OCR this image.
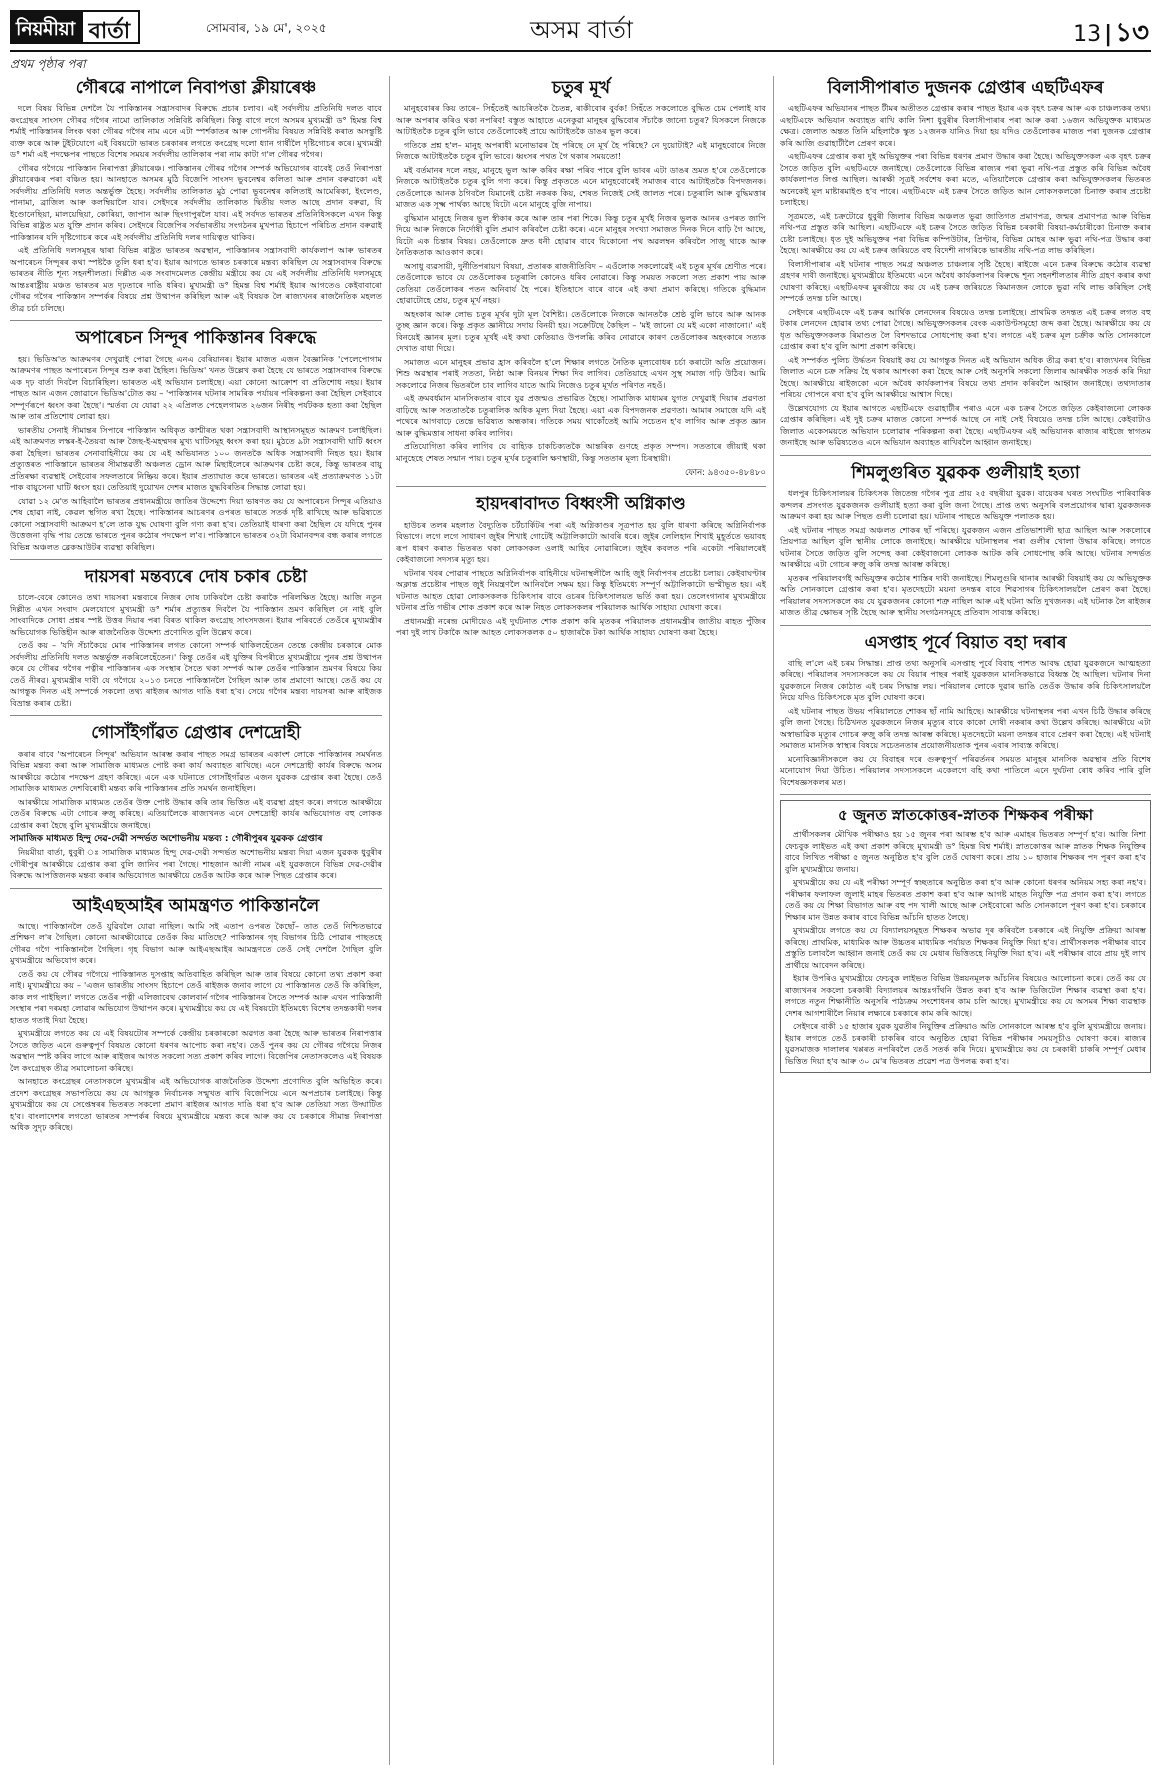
নিয়মীয়া বাৰ্তা	সোমবাৰ, ১৯ মে', ২০২৫	অসম বাৰ্তা	13 | ১৩
প্ৰথম পৃষ্ঠাৰ পৰা
গৌৰৱে নাপালে নিবাপত্তা ক্লীয়াৰেঞ্চ

দলে বিষয় বিভিন্ন দেশলৈ যৈ পাকিস্তানৰ সন্ত্ৰাসবাদৰ বিৰুদ্ধে প্ৰচাৰ চলাব। এই সৰ্বদলীয় প্ৰতিনিধি দলত বাবে কংগ্ৰেছৰ সাংসদ গৌৰৱ গগৈৰ নামো তালিকাত সন্নিবিষ্ট কৰিছিল। কিন্তু বাগে লগে অসমৰ মুখ্যমন্ত্ৰী ড° হিমন্ত বিশ্ব শৰ্মাই পাকিস্তানৰ লিংক থকা গৌৰৱ গগৈৰ নাম এনে এটা স্পৰ্শকাতৰ আৰু গোপনীয় বিষয়ত সন্নিবিষ্ট কৰাত অসন্তুষ্টি ব্যক্ত কৰে আৰু টুইটযোগে এই বিষয়টো ভাৰত চৰকাৰৰ লগতে কংগ্ৰেছ দলো ধ্যান গাৰ্ষীলৈ দৃষ্টিগোচৰ কৰে। মুখ্যমন্ত্ৰী ড° শৰ্মা এই পদক্ষেপৰ পাছতে বিশেষ সময়ৰ সৰ্বদলীয় তালিকাৰ পৰা নাম কাটা গ'ল গৌৰৱ গগৈৰ।

গৌৰৱ গগৈয়ে পাকিস্তান নিৰাপত্তা ক্লীয়াৰেঞ্চ। পাকিস্তানৰ গৌৰৱ গগৈৰ সম্পৰ্ক অভিযোগৰ বাবেই তেওঁ নিৰাপত্তা ক্লীয়াৰেঞ্চৰ পৰা বঞ্চিত হয়। আনহাতে অসমৰ মুঠি বিজেপি সাংসদ ভুবনেশ্বৰ কলিতা আৰু প্ৰদান বৰুৱাকো এই সৰ্বদলীয় প্ৰতিনিধি দলত অন্তৰ্ভুক্ত হৈছে। সৰ্বদলীয় তালিকাত মুঠ পোৱা ভুবনেশ্বৰ কলিতাই আমেৰিকা, ইংলেণ্ড, পানামা, ব্ৰাজিল আৰু কলম্বিয়ালৈ যাব। সেইদৰে সৰ্বদলীয় তালিকাত দ্বিতীয় দলত আছে প্ৰদান বৰুৱা, যি ইণ্ডোনেছিয়া, মালয়েছিয়া, কোৰিয়া, জাপান আৰু ছিংগাপুৰলৈ যাব। এই সৰ্বদত ভাৰতৰ প্ৰতিনিধিসকলে এখন কিন্তু বিভিন্ন ৰাষ্ট্ৰত মত যুক্তি প্ৰদান কৰিব। সেইদৰে বিজেপিৰ সৰ্বভাৰতীয় সংগঠনৰ মুখপাত্ৰ হিচাপে পৰিচিত প্ৰদান বৰুৱাই পাকিস্তানৰ যদি দৃষ্টিগোচৰ কৰে এই সৰ্বদলীয় প্ৰতিনিধি দলৰ দায়িত্বত থাকিব।

এই প্ৰতিনিধি দলসমূহৰ দ্বাৰা বিভিন্ন ৰাষ্ট্ৰত ভাৰতৰ অৱস্থান, পাকিস্তানৰ সন্ত্ৰাসবাদী কাৰ্যকলাপ আৰু ভাৰতৰ অপাৰেচন সিন্দূৰৰ কথা স্পষ্টকৈ তুলি ধৰা হ'ব। ইয়াৰ আগতে ভাৰত চৰকাৰে মন্তব্য কৰিছিল যে সন্ত্ৰাসবাদৰ বিৰুদ্ধে ভাৰতৰ নীতি শূন্য সহনশীলতা। দিল্লীত এক সংবাদমেলত কেন্দ্ৰীয় মন্ত্ৰীয়ে কয় যে এই সৰ্বদলীয় প্ৰতিনিধি দলসমূহে আন্তঃৰাষ্ট্ৰীয় মঞ্চত ভাৰতৰ মত দৃঢ়তাৰে দাঙি ধৰিব। মুখ্যমন্ত্ৰী ড° হিমন্ত বিশ্ব শৰ্মাই ইয়াৰ আগতেও কেইবাবাৰো গৌৰৱ গগৈৰ পাকিস্তান সম্পৰ্কৰ বিষয়ে প্ৰশ্ন উত্থাপন কৰিছিল আৰু এই বিষয়ক লৈ ৰাজ্যখনৰ ৰাজনৈতিক মহলত তীব্ৰ চৰ্চা চলিছে।

অপাৰেচন সিন্দূৰ পাকিস্তানৰ বিৰুদ্ধে

হয়। ভিডিঅ'ত আক্ৰমণৰ দেখুৱাই পোৱা গৈছে এনএ বেৰিয়ানৰ। ইয়াৰ মাজত এজন বৈজ্ঞানিক 'পেলেপোগাম আক্ৰমণৰ পাছত অপাৰেচন সিন্দূৰ শুৰু কৰা হৈছিল। ভিডিঅ' খনত উল্লেখ কৰা হৈছে যে ভাৰতে সন্ত্ৰাসবাদৰ বিৰুদ্ধে এক দৃঢ় বাৰ্তা দিবলৈ বিচাৰিছিল। ভাৰতত এই অভিযান চলাইছে। এয়া কোনো আক্ৰোশ বা প্ৰতিশোধ নহয়। ইয়াৰ পাছত আন এজন জোৱানে ভিডিঅ'টোত কয় – 'পাকিস্তানৰ ঘটনাৰ সামৰিক পৰ্যায়ৰ পৰিকল্পনা কৰা হৈছিল সেইবাবে সম্পূৰ্ণৰূপে ধ্বংস কৰা হৈছে'। স্মৰ্তব্য যে যোৱা ২২ এপ্ৰিলত পেহেলগামত ২৬জন নিৰীহ পৰ্যটকক হত্যা কৰা হৈছিল আৰু তাৰ প্ৰতিশোধ লোৱা হয়।

ভাৰতীয় সেনাই সীমান্তৰ সিপাৰে পাকিস্তান অধিকৃত কাশ্মীৰত থকা সন্ত্ৰাসবাদী আস্থানসমূহত আক্ৰমণ চলাইছিল। এই আক্ৰমণত লস্কৰ-ই-তৈয়বা আৰু জৈছ-ই-মহম্মদৰ মুখ্য ঘাটিসমূহ ধ্বংস কৰা হয়। মুঠতে ৯টা সন্ত্ৰাসবাদী ঘাটি ধ্বংস কৰা হৈছিল। ভাৰতৰ সেনাবাহিনীয়ে কয় যে এই অভিযানত ১০০ জনতকৈ অধিক সন্ত্ৰাসবাদী নিহত হয়। ইয়াৰ প্ৰত্যুত্তৰত পাকিস্তানে ভাৰতৰ সীমান্তৱৰ্তী অঞ্চলত ড্ৰোন আৰু মিছাইলেৰে আক্ৰমণৰ চেষ্টা কৰে, কিন্তু ভাৰতৰ বায়ু প্ৰতিৰক্ষা ব্যৱস্থাই সেইবোৰ সফলতাৰে নিষ্ক্ৰিয় কৰে। ইয়াৰ প্ৰত্যাঘাত কৰে ভাৰতে। ভাৰতৰ এই প্ৰত্যাক্ৰমণত ১১টা পাক বায়ুসেনা ঘাটি ধ্বংস হয়। তেতিয়াই দুয়োখন দেশৰ মাজত যুদ্ধবিৰতিৰ সিদ্ধান্ত লোৱা হয়।

যোৱা ১২ মে'ত আহিবালৈ ভাৰতৰ প্ৰধানমন্ত্ৰীয়ে জাতিৰ উদ্দেশ্যে দিয়া ভাষণত কয় যে অপাৰেচন সিন্দূৰ এতিয়াও শেষ হোৱা নাই, কেৱল স্থগিত ৰখা হৈছে। পাকিস্তানৰ আচৰণৰ ওপৰত ভাৰতে সতৰ্ক দৃষ্টি ৰাখিছে আৰু ভৱিষ্যতে কোনো সন্ত্ৰাসবাদী আক্ৰমণ হ'লে তাক যুদ্ধ ঘোষণা বুলি গণ্য কৰা হ'ব। তেতিয়াই ধাৰণা কৰা হৈছিল যে যদিহে পুনৰ উত্তেজনা বৃদ্ধি পায় তেন্তে ভাৰতে পুনৰ কঠোৰ পদক্ষেপ ল'ব। পাকিস্তানে ভাৰতৰ ৩২টা বিমানবন্দৰ বন্ধ কৰাৰ লগতে বিভিন্ন অঞ্চলত ব্লেকআউটৰ ব্যৱস্থা কৰিছিল।

দায়সৰা মন্তব্যৰে দোষ চকাৰ চেষ্টা

চালে-বেৰে কোনেও তথা দায়সৰা মন্তব্যৰে নিজৰ দোষ ঢাকিবলৈ চেষ্টা কৰাকৈ পৰিলক্ষিত হৈছে। আজি নতুন দিল্লীত এখন সংবাদ মেলযোগে মুখ্যমন্ত্ৰী ড° শৰ্মাৰ প্ৰত্যুত্তৰ দিবলৈ যৈ পাকিস্তান ভ্ৰমণ কৰিছিল নে নাই বুলি সাংবাদিকে সোধা প্ৰশ্নৰ স্পষ্ট উত্তৰ দিয়াৰ পৰা বিৰত থাকিল কংগ্ৰেছ সাংসদজন। ইয়াৰ পৰিবৰ্তে তেওঁৰে মুখ্যমন্ত্ৰীৰ অভিযোগক ভিত্তিহীন আৰু ৰাজনৈতিক উদ্দেশ্য প্ৰণোদিত বুলি উল্লেখ কৰে।

তেওঁ কয় – 'যদি সঁচাকৈয়ে মোৰ পাকিস্তানৰ লগত কোনো সম্পৰ্ক থাকিলহেঁতেন তেন্তে কেন্দ্ৰীয় চৰকাৰে মোক সৰ্বদলীয় প্ৰতিনিধি দলত অন্তৰ্ভুক্ত নকৰিলেহেঁতেন।' কিন্তু তেওঁৰ এই যুক্তিৰ বিপৰীতে মুখ্যমন্ত্ৰীয়ে পুনৰ প্ৰশ্ন উত্থাপন কৰে যে গৌৰৱ গগৈৰ পত্নীৰ পাকিস্তানৰ এক সংস্থাৰ সৈতে থকা সম্পৰ্ক আৰু তেওঁৰ পাকিস্তান ভ্ৰমণৰ বিষয়ে কিয় তেওঁ নীৰৱ। মুখ্যমন্ত্ৰীৰ দাবী যে গগৈয়ে ২০১৩ চনতে পাকিস্তানলৈ গৈছিল আৰু তাৰ প্ৰমাণো আছে। তেওঁ কয় যে আগন্তুক দিনত এই সম্পৰ্কে সকলো তথ্য ৰাইজৰ আগত দাঙি ধৰা হ'ব। সেয়ে গগৈৰ মন্তব্য দায়সৰা আৰু ৰাইজক বিভ্ৰান্ত কৰাৰ চেষ্টা।

গোসাঁইগাঁৱত গ্ৰেপ্তাৰ দেশদ্ৰোহী

কৰাৰ বাবে 'অপাৰেচন সিন্দূৰ' অভিযান আৰম্ভ কৰাৰ পাছত সমগ্ৰ ভাৰতৰ একাংশ লোকে পাকিস্তানৰ সমৰ্থনত বিভিন্ন মন্তব্য কৰা আৰু সামাজিক মাধ্যমত পোষ্ট কৰা কাৰ্য অব্যাহত ৰাখিছে। এনে দেশদ্ৰোহী কাৰ্যৰ বিৰুদ্ধে অসম আৰক্ষীয়ে কঠোৰ পদক্ষেপ গ্ৰহণ কৰিছে। এনে এক ঘটনাতে গোসাঁইগাঁৱত এজন যুৱকক গ্ৰেপ্তাৰ কৰা হৈছে। তেওঁ সামাজিক মাধ্যমত দেশবিৰোধী মন্তব্য কৰি পাকিস্তানৰ প্ৰতি সমৰ্থন জনাইছিল।

আৰক্ষীয়ে সামাজিক মাধ্যমত তেওঁৰ উক্ত পোষ্ট উদ্ধাৰ কৰি তাৰ ভিত্তিত এই ব্যৱস্থা গ্ৰহণ কৰে। লগতে আৰক্ষীয়ে তেওঁৰ বিৰুদ্ধে এটা গোচৰ ৰুজু কৰিছে। এতিয়ালৈকে ৰাজ্যখনত এনে দেশদ্ৰোহী কাৰ্যৰ অভিযোগত বহু লোকক গ্ৰেপ্তাৰ কৰা হৈছে বুলি মুখ্যমন্ত্ৰীয়ে জনাইছে।

সামাজিক মাধ্যমত হিন্দু দেৱ-দেৱী সন্দৰ্ভত অশোভনীয় মন্তব্য : গৌৰীপুৰৰ যুৱকক গ্ৰেপ্তাৰ

নিয়মীয়া বাৰ্তা, ধুবুৰী ঃ সামাজিক মাধ্যমত হিন্দু দেৱ-দেৱী সন্দৰ্ভত অশোভনীয় মন্তব্য দিয়া এজন যুৱকক ধুবুৰীৰ গৌৰীপুৰ আৰক্ষীয়ে গ্ৰেপ্তাৰ কৰা বুলি জানিব পৰা গৈছে। শাহজান আলী নামৰ এই যুৱকজনে বিভিন্ন দেৱ-দেৱীৰ বিৰুদ্ধে আপত্তিজনক মন্তব্য কৰাৰ অভিযোগত আৰক্ষীয়ে তেওঁক আটক কৰে আৰু পিছত গ্ৰেপ্তাৰ কৰে।

আইএছআইৰ আমন্ত্ৰণত পাকিস্তানলৈ

আছে। পাকিস্তানলৈ তেওঁ যুৱিবলৈ যোৱা নাছিল। আমি সই এতাপ ওপৰত কৈছোঁ– তাত তেওঁ নিশ্চিতভাৱে প্ৰশিক্ষণ ল'ৰ গৈছিল। কোনো আৰক্ষীয়োৱে তেওঁক কিয় মাতিছে? পাকিস্তানৰ গৃহ বিভাগৰ চিঠি পোৱাৰ পাছতহে গৌৰৱ গগৈ পাকিস্তানলৈ গৈছিল। গৃহ বিভাগ আৰু আইএছআইৰ আমন্ত্ৰণতে তেওঁ সেই দেশলৈ গৈছিল বুলি মুখ্যমন্ত্ৰীয়ে অভিযোগ কৰে।

তেওঁ কয় যে গৌৰৱ গগৈয়ে পাকিস্তানত দুসপ্তাহ অতিবাহিত কৰিছিল আৰু তাৰ বিষয়ে কোনো তথ্য প্ৰকাশ কৰা নাই। মুখ্যমন্ত্ৰীয়ে কয় – 'এজন ভাৰতীয় সাংসদ হিচাপে তেওঁ ৰাইজক জনাব লাগে যে পাকিস্তানত তেওঁ কি কৰিছিল, কাক লগ পাইছিল।' লগতে তেওঁৰ পত্নী এলিজাবেথ কোলবাৰ্ন গগৈৰ পাকিস্তানৰ সৈতে সম্পৰ্ক আৰু এখন পাকিস্তানী সংস্থাৰ পৰা দৰমহা লোৱাৰ অভিযোগ উত্থাপন কৰে। মুখ্যমন্ত্ৰীয়ে কয় যে এই বিষয়টো ইতিমধ্যে বিশেষ তদন্তকাৰী দলৰ হাতত গতাই দিয়া হৈছে।

মুখ্যমন্ত্ৰীয়ে লগতে কয় যে এই বিষয়টোৰ সম্পৰ্কে কেন্দ্ৰীয় চৰকাৰকো অৱগত কৰা হৈছে আৰু ভাৰতৰ নিৰাপত্তাৰ সৈতে জড়িত এনে গুৰুত্বপূৰ্ণ বিষয়ত কোনো ধৰণৰ আপোচ কৰা নহ'ব। তেওঁ পুনৰ কয় যে গৌৰৱ গগৈয়ে নিজৰ অৱস্থান স্পষ্ট কৰিব লাগে আৰু ৰাইজৰ আগত সকলো সত্য প্ৰকাশ কৰিব লাগে। বিজেপিৰ নেতাসকলেও এই বিষয়ক লৈ কংগ্ৰেছক তীব্ৰ সমালোচনা কৰিছে।

আনহাতে কংগ্ৰেছৰ নেতাসকলে মুখ্যমন্ত্ৰীৰ এই অভিযোগক ৰাজনৈতিক উদ্দেশ্য প্ৰণোদিত বুলি অভিহিত কৰে। প্ৰদেশ কংগ্ৰেছৰ সভাপতিয়ে কয় যে আগন্তুক নিৰ্বাচনক সন্মুখত ৰাখি বিজেপিয়ে এনে অপপ্ৰচাৰ চলাইছে। কিন্তু মুখ্যমন্ত্ৰীয়ে কয় যে সেপ্তেম্বৰৰ ভিতৰত সকলো প্ৰমাণ ৰাইজৰ আগত দাঙি ধৰা হ'ব আৰু তেতিয়া সত্য উদ্ঘাটিত হ'ব। বাংলাদেশৰ লগতো ভাৰতৰ সম্পৰ্কৰ বিষয়ে মুখ্যমন্ত্ৰীয়ে মন্তব্য কৰে আৰু কয় যে চৰকাৰে সীমান্ত নিৰাপত্তা অধিক সুদৃঢ় কৰিছে।

চতুৰ মূৰ্খ

মানুহবোৰৰ কিয় তাৰে– সিহঁতেই আচৰিতকৈ চৈতন্ন, ৰাকীবোৰ বুৰ্বক! সিহঁতে সকলোতে বুদ্ধিত চেম পেলাই যাব আৰু অপৰাৰ কৰিও থকা নপৰিব! বস্তুত আহাতে এনেকুৱা মানুহৰ বুদ্ধিবোৰ সঁচাকৈ জানো চতুৰ? যিসকলে নিজকে আটাইতকৈ চতুৰ বুলি ভাবে তেওঁলোকেই প্ৰায়ে আটাইতকৈ ডাঙৰ ভুল কৰে।

গতিকে প্ৰশ্ন হ'ল– মানুহ অপৰাধী মনোভাৱৰ হৈ পৰিছে নে মূৰ্খ হৈ পৰিছে? নে দুয়োটাই? এই মানুহবোৰে নিজে নিজকে আটাইতকৈ চতুৰ বুলি ভাবে। ধ্বংসৰ পথত গৈ থকাৰ সময়তো!

মই বৰ্তমানৰ দলে নহয়, মানুহে ভুল আৰু কৰিব ৰক্ষা পৰিব পাৰে বুলি ভাবৰ এটা ডাঙৰ ভ্ৰমত হ'ৰে তেওঁলোকে নিজকে আটাইতকৈ চতুৰ বুলি গণ্য কৰে। কিন্তু প্ৰকৃততে এনে মানুহবোৰেই সমাজৰ বাবে আটাইতকৈ বিপদজনক। তেওঁলোকে আনক ঠগিবলৈ যিমানেই চেষ্টা নকৰক কিয়, শেষত নিজেই সেই জালত পৰে। চতুৰালি আৰু বুদ্ধিমত্তাৰ মাজত এক সূক্ষ্ম পাৰ্থক্য আছে যিটো এনে মানুহে বুজি নাপায়।

বুদ্ধিমান মানুহে নিজৰ ভুল স্বীকাৰ কৰে আৰু তাৰ পৰা শিকে। কিন্তু চতুৰ মূৰ্খই নিজৰ ভুলক আনৰ ওপৰত জাপি দিয়ে আৰু নিজকে নিৰ্দোষী বুলি প্ৰমাণ কৰিবলৈ চেষ্টা কৰে। এনে মানুহৰ সংখ্যা সমাজত দিনক দিনে বাঢ়ি গৈ আছে, যিটো এক চিন্তাৰ বিষয়। তেওঁলোকে দ্ৰুত ধনী হোৱাৰ বাবে যিকোনো পথ অৱলম্বন কৰিবলৈ সাজু থাকে আৰু নৈতিকতাক আওকাণ কৰে।

অসাধু ব্যৱসায়ী, দুৰ্নীতিপৰায়ণ বিষয়া, প্ৰতাৰক ৰাজনীতিবিদ – এওঁলোক সকলোৱেই এই চতুৰ মূৰ্খৰ শ্ৰেণীত পৰে। তেওঁলোকে ভাবে যে তেওঁলোকৰ চতুৰালি কোনেও ধৰিব নোৱাৰে। কিন্তু সময়ত সকলো সত্য প্ৰকাশ পায় আৰু তেতিয়া তেওঁলোকৰ পতন অনিবাৰ্য হৈ পৰে। ইতিহাসে বাৰে বাৰে এই কথা প্ৰমাণ কৰিছে। গতিকে বুদ্ধিমান হোৱাটোহে শ্ৰেয়, চতুৰ মূৰ্খ নহয়।

অহংকাৰ আৰু লোভ চতুৰ মূৰ্খৰ দুটা মূল বৈশিষ্ট্য। তেওঁলোকে নিজকে আনতকৈ শ্ৰেষ্ঠ বুলি ভাবে আৰু আনক তুচ্ছ জ্ঞান কৰে। কিন্তু প্ৰকৃত জ্ঞানীয়ে সদায় বিনয়ী হয়। সক্ৰেটিছে কৈছিল – 'মই জানো যে মই একো নাজানো।' এই বিনয়েই জ্ঞানৰ মূল। চতুৰ মূৰ্খই এই কথা কেতিয়াও উপলব্ধি কৰিব নোৱাৰে কাৰণ তেওঁলোকৰ অহংকাৰে সত্যক দেখাত বাধা দিয়ে।

সমাজত এনে মানুহৰ প্ৰভাৱ হ্ৰাস কৰিবলৈ হ'লে শিক্ষাৰ লগতে নৈতিক মূল্যবোধৰ চৰ্চা কৰাটো অতি প্ৰয়োজন। শিশু অৱস্থাৰ পৰাই সততা, নিষ্ঠা আৰু বিনয়ৰ শিক্ষা দিব লাগিব। তেতিয়াহে এখন সুস্থ সমাজ গঢ়ি উঠিব। আমি সকলোৱে নিজৰ ভিতৰলৈ চাব লাগিব যাতে আমি নিজেও চতুৰ মূৰ্খত পৰিণত নহওঁ।

এই ক্ৰমবৰ্ধমান মানসিকতাৰ বাবে যুৱ প্ৰজন্মও প্ৰভাৱিত হৈছে। সামাজিক মাধ্যমৰ যুগত দেখুৱাই দিয়াৰ প্ৰৱণতা বাঢ়িছে আৰু সততাতকৈ চতুৰালিক অধিক মূল্য দিয়া হৈছে। এয়া এক বিপদজনক প্ৰৱণতা। আমাৰ সমাজে যদি এই পথেৰে আগবাঢ়ে তেন্তে ভৱিষ্যত অন্ধকাৰ। গতিকে সময় থাকোঁতেই আমি সচেতন হ'ব লাগিব আৰু প্ৰকৃত জ্ঞান আৰু বুদ্ধিমত্তাৰ সাধনা কৰিব লাগিব।

প্ৰতিযোগিতা কৰিব লাগিব যে বাহ্যিক চাকচিক্যতকৈ আন্তৰিক গুণহে প্ৰকৃত সম্পদ। সততাৰে জীয়াই থকা মানুহেহে শেষত সন্মান পায়। চতুৰ মূৰ্খৰ চতুৰালি ক্ষণস্থায়ী, কিন্তু সততাৰ মূল্য চিৰস্থায়ী।

ফোন: ৯৪৩৫০-৪৮৪৮০
হায়দৰাবাদত বিধ্বংসী অগ্নিকাণ্ড

হাউচৰ তলৰ মহলাত বৈদ্যুতিক চৰ্টচাৰ্কিটৰ পৰা এই অগ্নিকাণ্ডৰ সূত্ৰপাত হয় বুলি ধাৰণা কৰিছে অগ্নিনিৰ্বাপক বিভাগে। লগে লগে সাধাৰণ জুইৰ শিখাই গোটেই অট্টালিকাটো আবৰি ধৰে। জুইৰ লেলিহান শিখাই মুহূৰ্ততে ভয়াবহ ৰূপ ধাৰণ কৰাত ভিতৰত থকা লোকসকল ওলাই আহিব নোৱাৰিলে। জুইৰ কবলত পৰি একেটা পৰিয়ালৰেই কেইবাজনো সদস্যৰ মৃত্যু হয়।

ঘটনাৰ খবৰ পোৱাৰ পাছতে অগ্নিনিৰ্বাপক বাহিনীয়ে ঘটনাস্থলীলৈ আহি জুই নিৰ্বাপণৰ প্ৰচেষ্টা চলায়। কেইবাঘণ্টাৰ অক্লান্ত প্ৰচেষ্টাৰ পাছত জুই নিয়ন্ত্ৰণলৈ আনিবলৈ সক্ষম হয়। কিন্তু ইতিমধ্যে সম্পূৰ্ণ অট্টালিকাটো ভস্মীভূত হয়। এই ঘটনাত আহত হোৱা লোকসকলক চিকিৎসাৰ বাবে ওচৰৰ চিকিৎসালয়ত ভৰ্তি কৰা হয়। তেলেংগানাৰ মুখ্যমন্ত্ৰীয়ে ঘটনাৰ প্ৰতি গভীৰ শোক প্ৰকাশ কৰে আৰু নিহত লোকসকলৰ পৰিয়ালক আৰ্থিক সাহায্য ঘোষণা কৰে।

প্ৰধানমন্ত্ৰী নৰেন্দ্ৰ মোদীয়েও এই দুৰ্ঘটনাত শোক প্ৰকাশ কৰি মৃতকৰ পৰিয়ালক প্ৰধানমন্ত্ৰীৰ জাতীয় ৰাহত পুঁজিৰ পৰা দুই লাখ টকাকৈ আৰু আহত লোকসকলক ৫০ হাজাৰকৈ টকা আৰ্থিক সাহায্য ঘোষণা কৰা হৈছে।

বিলাসীপাৰাত দুজনক গ্ৰেপ্তাৰ এছটিএফৰ

এছটিএফৰ অভিযানৰ পাছত টীমৰ অতীতত গ্ৰেপ্তাৰ কৰাৰ পাছত ইয়াৰ এক বৃহৎ চক্ৰৰ আৰু এক চাঞ্চল্যকৰ তথ্য। এছটিএফে অভিযান অব্যাহত ৰাখি কালি নিশা ধুবুৰীৰ বিলাসীপাৰাৰ পৰা আৰু কৰা ১৬জন অভিযুক্তক মাধ্যমত ক্ষেত্ৰ। জেলাত অন্তত তিনি মহিলাকৈ স্কুত ১২জনক যানিও দিয়া হয় যদিও তেওঁলোকৰ মাজত পৰা দুজনক গ্ৰেপ্তাৰ কৰি আজি গুৱাহাটীলৈ প্ৰেৰণ কৰে।

এছটিএফৰ গ্ৰেপ্তাৰ কৰা দুই অভিযুক্তৰ পৰা বিভিন্ন ধৰণৰ প্ৰমাণ উদ্ধাৰ কৰা হৈছে। অভিযুক্তসকল এক বৃহৎ চক্ৰৰ সৈতে জড়িত বুলি এছটিএফে জনাইছে। তেওঁলোকে বিভিন্ন ৰাজ্যৰ পৰা ভুৱা নথি-পত্ৰ প্ৰস্তুত কৰি বিভিন্ন অবৈধ কাৰ্যকলাপত লিপ্ত আছিল। আৰক্ষী সূত্ৰই সৰ্বশেষ কৰা মতে, এতিয়ালৈকে গ্ৰেপ্তাৰ কৰা অভিযুক্তসকলৰ ভিতৰত অনেকেই মূল মাষ্টাৰমাইণ্ড হ'ব পাৰে। এছটিএফে এই চক্ৰৰ সৈতে জড়িত আন লোকসকলকো চিনাক্ত কৰাৰ প্ৰচেষ্টা চলাইছে।

সূত্ৰমতে, এই চক্ৰটোৱে ধুবুৰী জিলাৰ বিভিন্ন অঞ্চলত ভুৱা জাতিগত প্ৰমাণপত্ৰ, জন্মৰ প্ৰমাণপত্ৰ আৰু বিভিন্ন নথি-পত্ৰ প্ৰস্তুত কৰি আছিল। এছটিএফে এই চক্ৰৰ সৈতে জড়িত বিভিন্ন চৰকাৰী বিষয়া-কৰ্মচাৰীকো চিনাক্ত কৰাৰ চেষ্টা চলাইছে। ধৃত দুই অভিযুক্তৰ পৰা বিভিন্ন কম্পিউটাৰ, প্ৰিণ্টাৰ, বিভিন্ন মোহৰ আৰু ভুৱা নথি-পত্ৰ উদ্ধাৰ কৰা হৈছে। আৰক্ষীয়ে কয় যে এই চক্ৰৰ জৰিয়তে বহু বিদেশী নাগৰিকে ভাৰতীয় নথি-পত্ৰ লাভ কৰিছিল।

বিলাসীপাৰাৰ এই ঘটনাৰ পাছত সমগ্ৰ অঞ্চলত চাঞ্চল্যৰ সৃষ্টি হৈছে। ৰাইজে এনে চক্ৰৰ বিৰুদ্ধে কঠোৰ ব্যৱস্থা গ্ৰহণৰ দাবী জনাইছে। মুখ্যমন্ত্ৰীয়ে ইতিমধ্যে এনে অবৈধ কাৰ্যকলাপৰ বিৰুদ্ধে শূন্য সহনশীলতাৰ নীতি গ্ৰহণ কৰাৰ কথা ঘোষণা কৰিছে। এছটিএফৰ মুৰব্বীয়ে কয় যে এই চক্ৰৰ জৰিয়তে কিমানজন লোকে ভুৱা নথি লাভ কৰিছিল সেই সম্পৰ্কে তদন্ত চলি আছে।

সেইদৰে এছটিএফে এই চক্ৰৰ আৰ্থিক লেনদেনৰ বিষয়েও তদন্ত চলাইছে। প্ৰাথমিক তদন্তত এই চক্ৰৰ লগত বহু টকাৰ লেনদেন হোৱাৰ তথ্য পোৱা গৈছে। অভিযুক্তসকলৰ বেংক একাউণ্টসমূহো জব্দ কৰা হৈছে। আৰক্ষীয়ে কয় যে ধৃত অভিযুক্তসকলক ৰিমাণ্ডত লৈ বিশদভাৱে সোধপোছ কৰা হ'ব। লগতে এই চক্ৰৰ মূল চক্ৰীক অতি সোনকালে গ্ৰেপ্তাৰ কৰা হ'ব বুলি আশা প্ৰকাশ কৰিছে।

এই সম্পৰ্কত পুলিচ উৰ্দ্ধতন বিষয়াই কয় যে আগন্তুক দিনত এই অভিযান অধিক তীব্ৰ কৰা হ'ব। ৰাজ্যখনৰ বিভিন্ন জিলাত এনে চক্ৰ সক্ৰিয় হৈ থকাৰ আশংকা কৰা হৈছে আৰু সেই অনুসৰি সকলো জিলাৰ আৰক্ষীক সতৰ্ক কৰি দিয়া হৈছে। আৰক্ষীয়ে ৰাইজকো এনে অবৈধ কাৰ্যকলাপৰ বিষয়ে তথ্য প্ৰদান কৰিবলৈ আহ্বান জনাইছে। তথ্যদাতাৰ পৰিচয় গোপনে ৰখা হ'ব বুলি আৰক্ষীয়ে আশ্বাস দিছে।

উল্লেখযোগ্য যে ইয়াৰ আগতে এছটিএফে গুৱাহাটীৰ পৰাও এনে এক চক্ৰৰ সৈতে জড়িত কেইবাজনো লোকক গ্ৰেপ্তাৰ কৰিছিল। এই দুই চক্ৰৰ মাজত কোনো সম্পৰ্ক আছে নে নাই সেই বিষয়েও তদন্ত চলি আছে। কেইবাটাও জিলাত একেসময়তে অভিযান চলোৱাৰ পৰিকল্পনা কৰা হৈছে। এছটিএফৰ এই অভিযানক ৰাজ্যৰ ৰাইজে স্বাগতম জনাইছে আৰু ভৱিষ্যতেও এনে অভিযান অব্যাহত ৰাখিবলৈ আহ্বান জনাইছে।

শিমলুগুৰিত যুৱকক গুলীয়াই হত্যা

ধলপুৰ চিকিৎসালয়ৰ চিকিৎসক জিতেন্দ্ৰ গগৈৰ পুত্ৰ প্ৰায় ২৫ বছৰীয়া যুৱক। বায়েকৰ ঘৰত সংঘটিত পাৰিবাৰিক কন্দলৰ প্ৰসংগত যুৱকজনক গুলীয়াই হত্যা কৰা বুলি জনা গৈছে। প্ৰাপ্ত তথ্য অনুসৰি বলপ্ৰয়োগৰ দ্বাৰা যুৱকজনক আক্ৰমণ কৰা হয় আৰু পিছত গুলী চলোৱা হয়। ঘটনাৰ পাছতে অভিযুক্ত পলাতক হয়।

এই ঘটনাৰ পাছত সমগ্ৰ অঞ্চলত শোকৰ ছাঁ পৰিছে। যুৱকজন এজন প্ৰতিভাশালী ছাত্ৰ আছিল আৰু সকলোৰে প্ৰিয়পাত্ৰ আছিল বুলি স্থানীয় লোকে জনাইছে। আৰক্ষীয়ে ঘটনাস্থলৰ পৰা গুলীৰ খোলা উদ্ধাৰ কৰিছে। লগতে ঘটনাৰ সৈতে জড়িত বুলি সন্দেহ কৰা কেইবাজনো লোকক আটক কৰি সোধপোছ কৰি আছে। ঘটনাৰ সন্দৰ্ভত আৰক্ষীয়ে এটা গোচৰ ৰুজু কৰি তদন্ত আৰম্ভ কৰিছে।

মৃতকৰ পৰিয়ালবৰ্গই অভিযুক্তৰ কঠোৰ শাস্তিৰ দাবী জনাইছে। শিমলুগুৰি থানাৰ আৰক্ষী বিষয়াই কয় যে অভিযুক্তক অতি সোনকালে গ্ৰেপ্তাৰ কৰা হ'ব। মৃতদেহটো ময়না তদন্তৰ বাবে শিৱসাগৰ চিকিৎসালয়লৈ প্ৰেৰণ কৰা হৈছে। পৰিয়ালৰ সদস্যসকলে কয় যে যুৱকজনৰ কোনো শত্ৰু নাছিল আৰু এই ঘটনা অতি দুখজনক। এই ঘটনাক লৈ ৰাইজৰ মাজত তীব্ৰ ক্ষোভৰ সৃষ্টি হৈছে আৰু স্থানীয় সংগঠনসমূহে প্ৰতিবাদ সাব্যস্ত কৰিছে।

এসপ্তাহ পূৰ্বে বিয়াত বহা দৰাৰ

বাছি ল'লে এই চৰম সিদ্ধান্ত। প্ৰাপ্ত তথ্য অনুসৰি এসপ্তাহ পূৰ্বে বিবাহ পাশত আবদ্ধ হোৱা যুৱকজনে আত্মহত্যা কৰিছে। পৰিয়ালৰ সদস্যসকলে কয় যে বিয়াৰ পাছৰ পৰাই যুৱকজন মানসিকভাৱে বিধ্বস্ত হৈ আছিল। ঘটনাৰ দিনা যুৱকজনে নিজৰ কোঠাত এই চৰম সিদ্ধান্ত লয়। পৰিয়ালৰ লোকে দুৱাৰ ভাঙি তেওঁক উদ্ধাৰ কৰি চিকিৎসালয়লৈ নিয়ে যদিও চিকিৎসকে মৃত বুলি ঘোষণা কৰে।

এই ঘটনাৰ পাছত উভয় পৰিয়ালতে শোকৰ ছাঁ নামি আহিছে। আৰক্ষীয়ে ঘটনাস্থলৰ পৰা এখন চিঠি উদ্ধাৰ কৰিছে বুলি জনা গৈছে। চিঠিখনত যুৱকজনে নিজৰ মৃত্যুৰ বাবে কাকো দোষী নকৰাৰ কথা উল্লেখ কৰিছে। আৰক্ষীয়ে এটা অস্বাভাৱিক মৃত্যুৰ গোচৰ ৰুজু কৰি তদন্ত আৰম্ভ কৰিছে। মৃতদেহটো ময়না তদন্তৰ বাবে প্ৰেৰণ কৰা হৈছে। এই ঘটনাই সমাজত মানসিক স্বাস্থ্যৰ বিষয়ে সচেতনতাৰ প্ৰয়োজনীয়তাক পুনৰ এবাৰ সাব্যস্ত কৰিছে।

মনোবিজ্ঞানীসকলে কয় যে বিবাহৰ দৰে গুৰুত্বপূৰ্ণ পৰিৱৰ্তনৰ সময়ত মানুহৰ মানসিক অৱস্থাৰ প্ৰতি বিশেষ মনোযোগ দিয়া উচিত। পৰিয়ালৰ সদস্যসকলে একেলগে বহি কথা পাতিলে এনে দুৰ্ঘটনা ৰোধ কৰিব পাৰি বুলি বিশেষজ্ঞসকলৰ মত।

৫ জুনত স্নাতকোত্তৰ-স্নাতক শিক্ষকৰ পৰীক্ষা

প্ৰাৰ্থীসকলৰ মৌখিক পৰীক্ষাও হয় ১৫ জুনৰ পৰা আৰম্ভ হ'ব আৰু এমাহৰ ভিতৰত সম্পূৰ্ণ হ'ব। আজি নিশা ফেচবুক লাইভত এই কথা প্ৰকাশ কৰিছে মুখ্যমন্ত্ৰী ড° হিমন্ত বিশ্ব শৰ্মাই। স্নাতকোত্তৰ আৰু স্নাতক শিক্ষক নিযুক্তিৰ বাবে লিখিত পৰীক্ষা ৫ জুনত অনুষ্ঠিত হ'ব বুলি তেওঁ ঘোষণা কৰে। প্ৰায় ১০ হাজাৰ শিক্ষকৰ পদ পূৰণ কৰা হ'ব বুলি মুখ্যমন্ত্ৰীয়ে জনায়।

মুখ্যমন্ত্ৰীয়ে কয় যে এই পৰীক্ষা সম্পূৰ্ণ স্বচ্ছতাৰে অনুষ্ঠিত কৰা হ'ব আৰু কোনো ধৰণৰ অনিয়ম সহ্য কৰা নহ'ব। পৰীক্ষাৰ ফলাফল জুলাই মাহৰ ভিতৰত প্ৰকাশ কৰা হ'ব আৰু আগষ্ট মাহত নিযুক্তি পত্ৰ প্ৰদান কৰা হ'ব। লগতে তেওঁ কয় যে শিক্ষা বিভাগত আৰু বহু পদ খালী আছে আৰু সেইবোৰো অতি সোনকালে পূৰণ কৰা হ'ব। চৰকাৰে শিক্ষাৰ মান উন্নত কৰাৰ বাবে বিভিন্ন আঁচনি হাতত লৈছে।

মুখ্যমন্ত্ৰীয়ে লগতে কয় যে বিদ্যালয়সমূহত শিক্ষকৰ অভাৱ দূৰ কৰিবলৈ চৰকাৰে এই নিযুক্তি প্ৰক্ৰিয়া আৰম্ভ কৰিছে। প্ৰাথমিক, মাধ্যমিক আৰু উচ্চতৰ মাধ্যমিক পৰ্যায়ত শিক্ষকৰ নিযুক্তি দিয়া হ'ব। প্ৰাৰ্থীসকলক পৰীক্ষাৰ বাবে প্ৰস্তুতি চলাবলৈ আহ্বান জনাই তেওঁ কয় যে মেধাৰ ভিত্তিতহে নিযুক্তি দিয়া হ'ব। এই পৰীক্ষাৰ বাবে প্ৰায় দুই লাখ প্ৰাৰ্থীয়ে আবেদন কৰিছে।

ইয়াৰ উপৰিও মুখ্যমন্ত্ৰীয়ে ফেচবুক লাইভত বিভিন্ন উন্নয়নমূলক আঁচনিৰ বিষয়েও আলোচনা কৰে। তেওঁ কয় যে ৰাজ্যখনৰ সকলো চৰকাৰী বিদ্যালয়ৰ আন্তঃগাঁথনি উন্নত কৰা হ'ব আৰু ডিজিটেল শিক্ষাৰ ব্যৱস্থা কৰা হ'ব। লগতে নতুন শিক্ষানীতি অনুসৰি পাঠ্যক্ৰম সংশোধনৰ কাম চলি আছে। মুখ্যমন্ত্ৰীয়ে কয় যে অসমৰ শিক্ষা ব্যৱস্থাক দেশৰ আগশাৰীলৈ নিয়াৰ লক্ষ্যৰে চৰকাৰে কাম কৰি আছে।

সেইদৰে বাকী ১৫ হাজাৰ যুৱক যুৱতীৰ নিযুক্তিৰ প্ৰক্ৰিয়াও অতি সোনকালে আৰম্ভ হ'ব বুলি মুখ্যমন্ত্ৰীয়ে জনায়। ইয়াৰ লগতে তেওঁ চৰকাৰী চাকৰিৰ বাবে অনুষ্ঠিত হোৱা বিভিন্ন পৰীক্ষাৰ সময়সূচীও ঘোষণা কৰে। ৰাজ্যৰ যুৱসমাজক দালালৰ খপ্পৰত নপৰিবলৈ তেওঁ সতৰ্ক কৰি দিয়ে। মুখ্যমন্ত্ৰীয়ে কয় যে চৰকাৰী চাকৰি সম্পূৰ্ণ মেধাৰ ভিত্তিত দিয়া হ'ব আৰু ৩০ মে'ৰ ভিতৰত প্ৰৱেশ পত্ৰ উপলব্ধ কৰা হ'ব।
